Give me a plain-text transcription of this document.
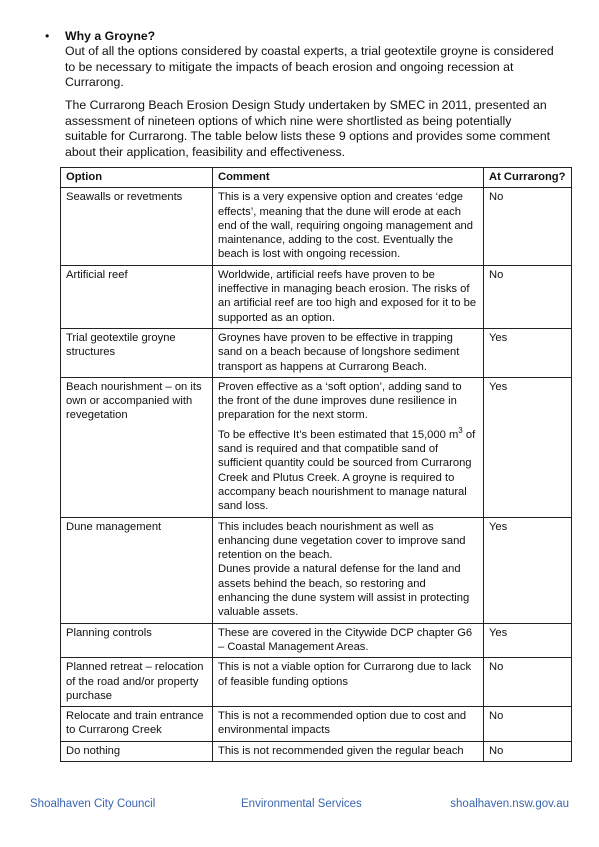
• Why a Groyne?
Out of all the options considered by coastal experts, a trial geotextile groyne is considered to be necessary to mitigate the impacts of beach erosion and ongoing recession at Currarong.
The Currarong Beach Erosion Design Study undertaken by SMEC in 2011, presented an assessment of nineteen options of which nine were shortlisted as being potentially suitable for Currarong. The table below lists these 9 options and provides some comment about their application, feasibility and effectiveness.
Option	Comment	At Currarong?
Seawalls or revetments	This is a very expensive option and creates ‘edge effects’, meaning that the dune will erode at each end of the wall, requiring ongoing management and maintenance, adding to the cost. Eventually the beach is lost with ongoing recession.	No
Artificial reef	Worldwide, artificial reefs have proven to be ineffective in managing beach erosion. The risks of an artificial reef are too high and exposed for it to be supported as an option.	No
Trial geotextile groyne structures	Groynes have proven to be effective in trapping sand on a beach because of longshore sediment transport as happens at Currarong Beach.	Yes
Beach nourishment – on its own or accompanied with revegetation	Proven effective as a ‘soft option’, adding sand to the front of the dune improves dune resilience in preparation for the next storm.
To be effective It’s been estimated that 15,000 $m^3$ of sand is required and that compatible sand of sufficient quantity could be sourced from Currarong Creek and Plutus Creek. A groyne is required to accompany beach nourishment to manage natural sand loss.	Yes
Dune management	This includes beach nourishment as well as enhancing dune vegetation cover to improve sand retention on the beach.
Dunes provide a natural defense for the land and assets behind the beach, so restoring and enhancing the dune system will assist in protecting valuable assets.	Yes
Planning controls	These are covered in the Citywide DCP chapter G6 – Coastal Management Areas.	Yes
Planned retreat – relocation of the road and/or property purchase	This is not a viable option for Currarong due to lack of feasible funding options	No
Relocate and train entrance to Currarong Creek	This is not a recommended option due to cost and environmental impacts	No
Do nothing	This is not recommended given the regular beach	No
Shoalhaven City Council	Environmental Services	shoalhaven.nsw.gov.au
